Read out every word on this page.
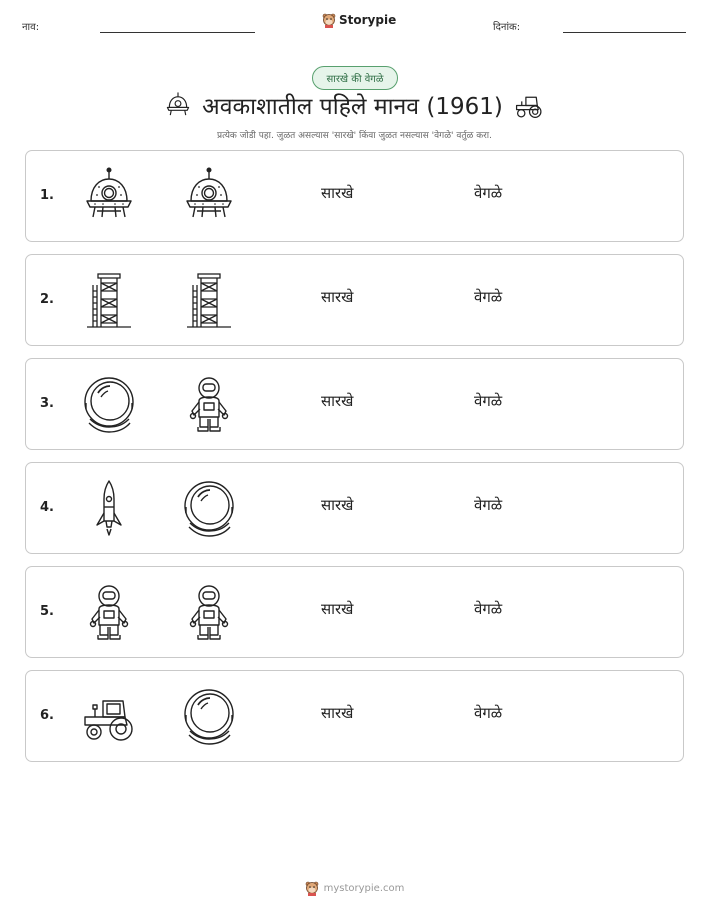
नाव:
Storypie
दिनांक:
सारखे की वेगळे
अवकाशातील पहिले मानव (1961)
प्रत्येक जोडी पहा. जुळत असल्यास 'सारखे' किंवा जुळत नसल्यास 'वेगळे' वर्तुळ करा.
1.	सारखे	वेगळे
2.	सारखे	वेगळे
3.	सारखे	वेगळे
4.	सारखे	वेगळे
5.	सारखे	वेगळे
6.	सारखे	वेगळे
mystorypie.com
